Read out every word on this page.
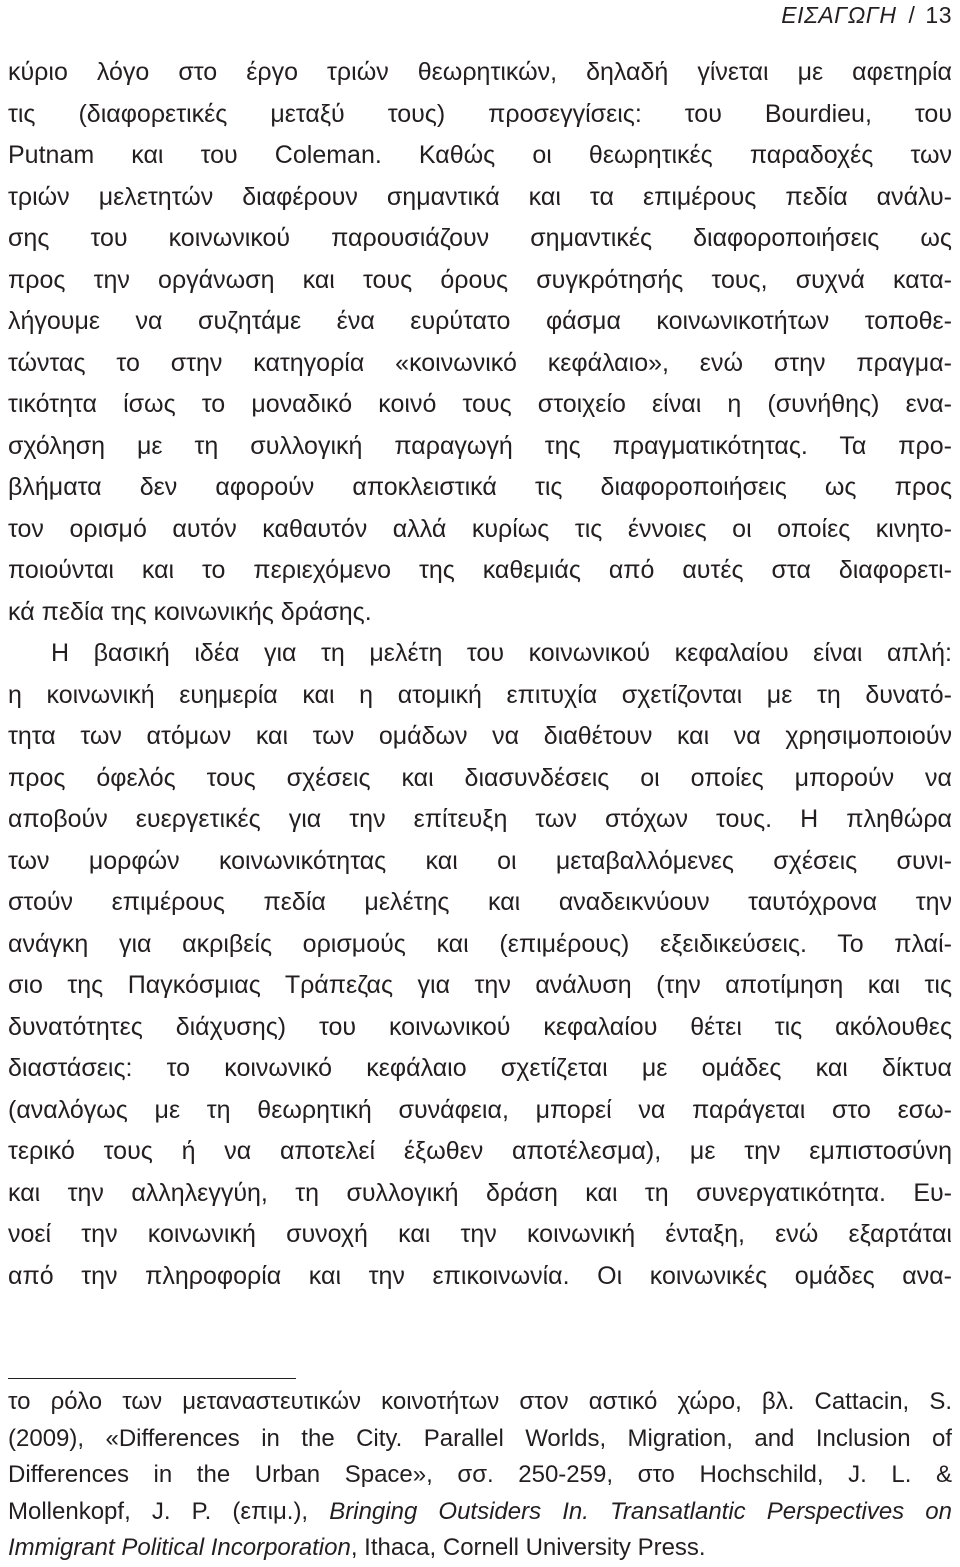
ΕΙΣΑΓΩΓΗ / 13
κύριο λόγο στο έργο τριών θεωρητικών, δηλαδή γίνεται με αφετηρία
τις (διαφορετικές μεταξύ τους) προσεγγίσεις: του Bourdieu, του
Putnam και του Coleman. Καθώς οι θεωρητικές παραδοχές των
τριών μελετητών διαφέρουν σημαντικά και τα επιμέρους πεδία ανάλυ-
σης του κοινωνικού παρουσιάζουν σημαντικές διαφοροποιήσεις ως
προς την οργάνωση και τους όρους συγκρότησής τους, συχνά κατα-
λήγουμε να συζητάμε ένα ευρύτατο φάσμα κοινωνικοτήτων τοποθε-
τώντας το στην κατηγορία «κοινωνικό κεφάλαιο», ενώ στην πραγμα-
τικότητα ίσως το μοναδικό κοινό τους στοιχείο είναι η (συνήθης) ενα-
σχόληση με τη συλλογική παραγωγή της πραγματικότητας. Τα προ-
βλήματα δεν αφορούν αποκλειστικά τις διαφοροποιήσεις ως προς
τον ορισμό αυτόν καθαυτόν αλλά κυρίως τις έννοιες οι οποίες κινητο-
ποιούνται και το περιεχόμενο της καθεμιάς από αυτές στα διαφορετι-
κά πεδία της κοινωνικής δράσης.
Η βασική ιδέα για τη μελέτη του κοινωνικού κεφαλαίου είναι απλή:
η κοινωνική ευημερία και η ατομική επιτυχία σχετίζονται με τη δυνατό-
τητα των ατόμων και των ομάδων να διαθέτουν και να χρησιμοποιούν
προς όφελός τους σχέσεις και διασυνδέσεις οι οποίες μπορούν να
αποβούν ευεργετικές για την επίτευξη των στόχων τους. Η πληθώρα
των μορφών κοινωνικότητας και οι μεταβαλλόμενες σχέσεις συνι-
στούν επιμέρους πεδία μελέτης και αναδεικνύουν ταυτόχρονα την
ανάγκη για ακριβείς ορισμούς και (επιμέρους) εξειδικεύσεις. Το πλαί-
σιο της Παγκόσμιας Τράπεζας για την ανάλυση (την αποτίμηση και τις
δυνατότητες διάχυσης) του κοινωνικού κεφαλαίου θέτει τις ακόλουθες
διαστάσεις: το κοινωνικό κεφάλαιο σχετίζεται με ομάδες και δίκτυα
(αναλόγως με τη θεωρητική συνάφεια, μπορεί να παράγεται στο εσω-
τερικό τους ή να αποτελεί έξωθεν αποτέλεσμα), με την εμπιστοσύνη
και την αλληλεγγύη, τη συλλογική δράση και τη συνεργατικότητα. Ευ-
νοεί την κοινωνική συνοχή και την κοινωνική ένταξη, ενώ εξαρτάται
από την πληροφορία και την επικοινωνία. Οι κοινωνικές ομάδες ανα-
το ρόλο των μεταναστευτικών κοινοτήτων στον αστικό χώρο, βλ. Cattacin, S.
(2009), «Differences in the City. Parallel Worlds, Migration, and Inclusion of
Differences in the Urban Space», σσ. 250-259, στο Hochschild, J. L. &
Mollenkopf, J. P. (επιμ.), Bringing Outsiders In. Transatlantic Perspectives on
Immigrant Political Incorporation, Ithaca, Cornell University Press.
